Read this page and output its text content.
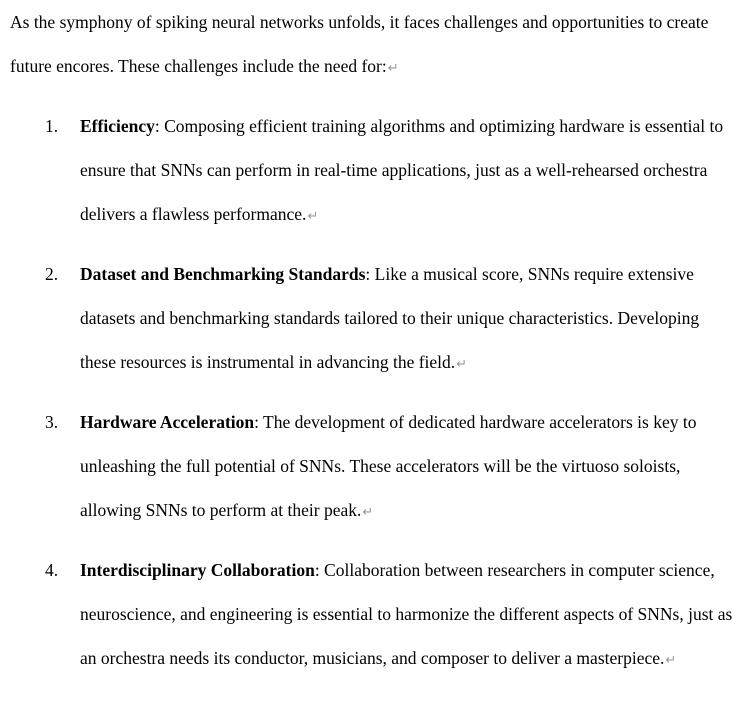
As the symphony of spiking neural networks unfolds, it faces challenges and opportunities to create future encores. These challenges include the need for:↵

1. Efficiency: Composing efficient training algorithms and optimizing hardware is essential to ensure that SNNs can perform in real-time applications, just as a well-rehearsed orchestra delivers a flawless performance.↵
2. Dataset and Benchmarking Standards: Like a musical score, SNNs require extensive datasets and benchmarking standards tailored to their unique characteristics. Developing these resources is instrumental in advancing the field.↵
3. Hardware Acceleration: The development of dedicated hardware accelerators is key to unleashing the full potential of SNNs. These accelerators will be the virtuoso soloists, allowing SNNs to perform at their peak.↵
4. Interdisciplinary Collaboration: Collaboration between researchers in computer science, neuroscience, and engineering is essential to harmonize the different aspects of SNNs, just as an orchestra needs its conductor, musicians, and composer to deliver a masterpiece.↵
